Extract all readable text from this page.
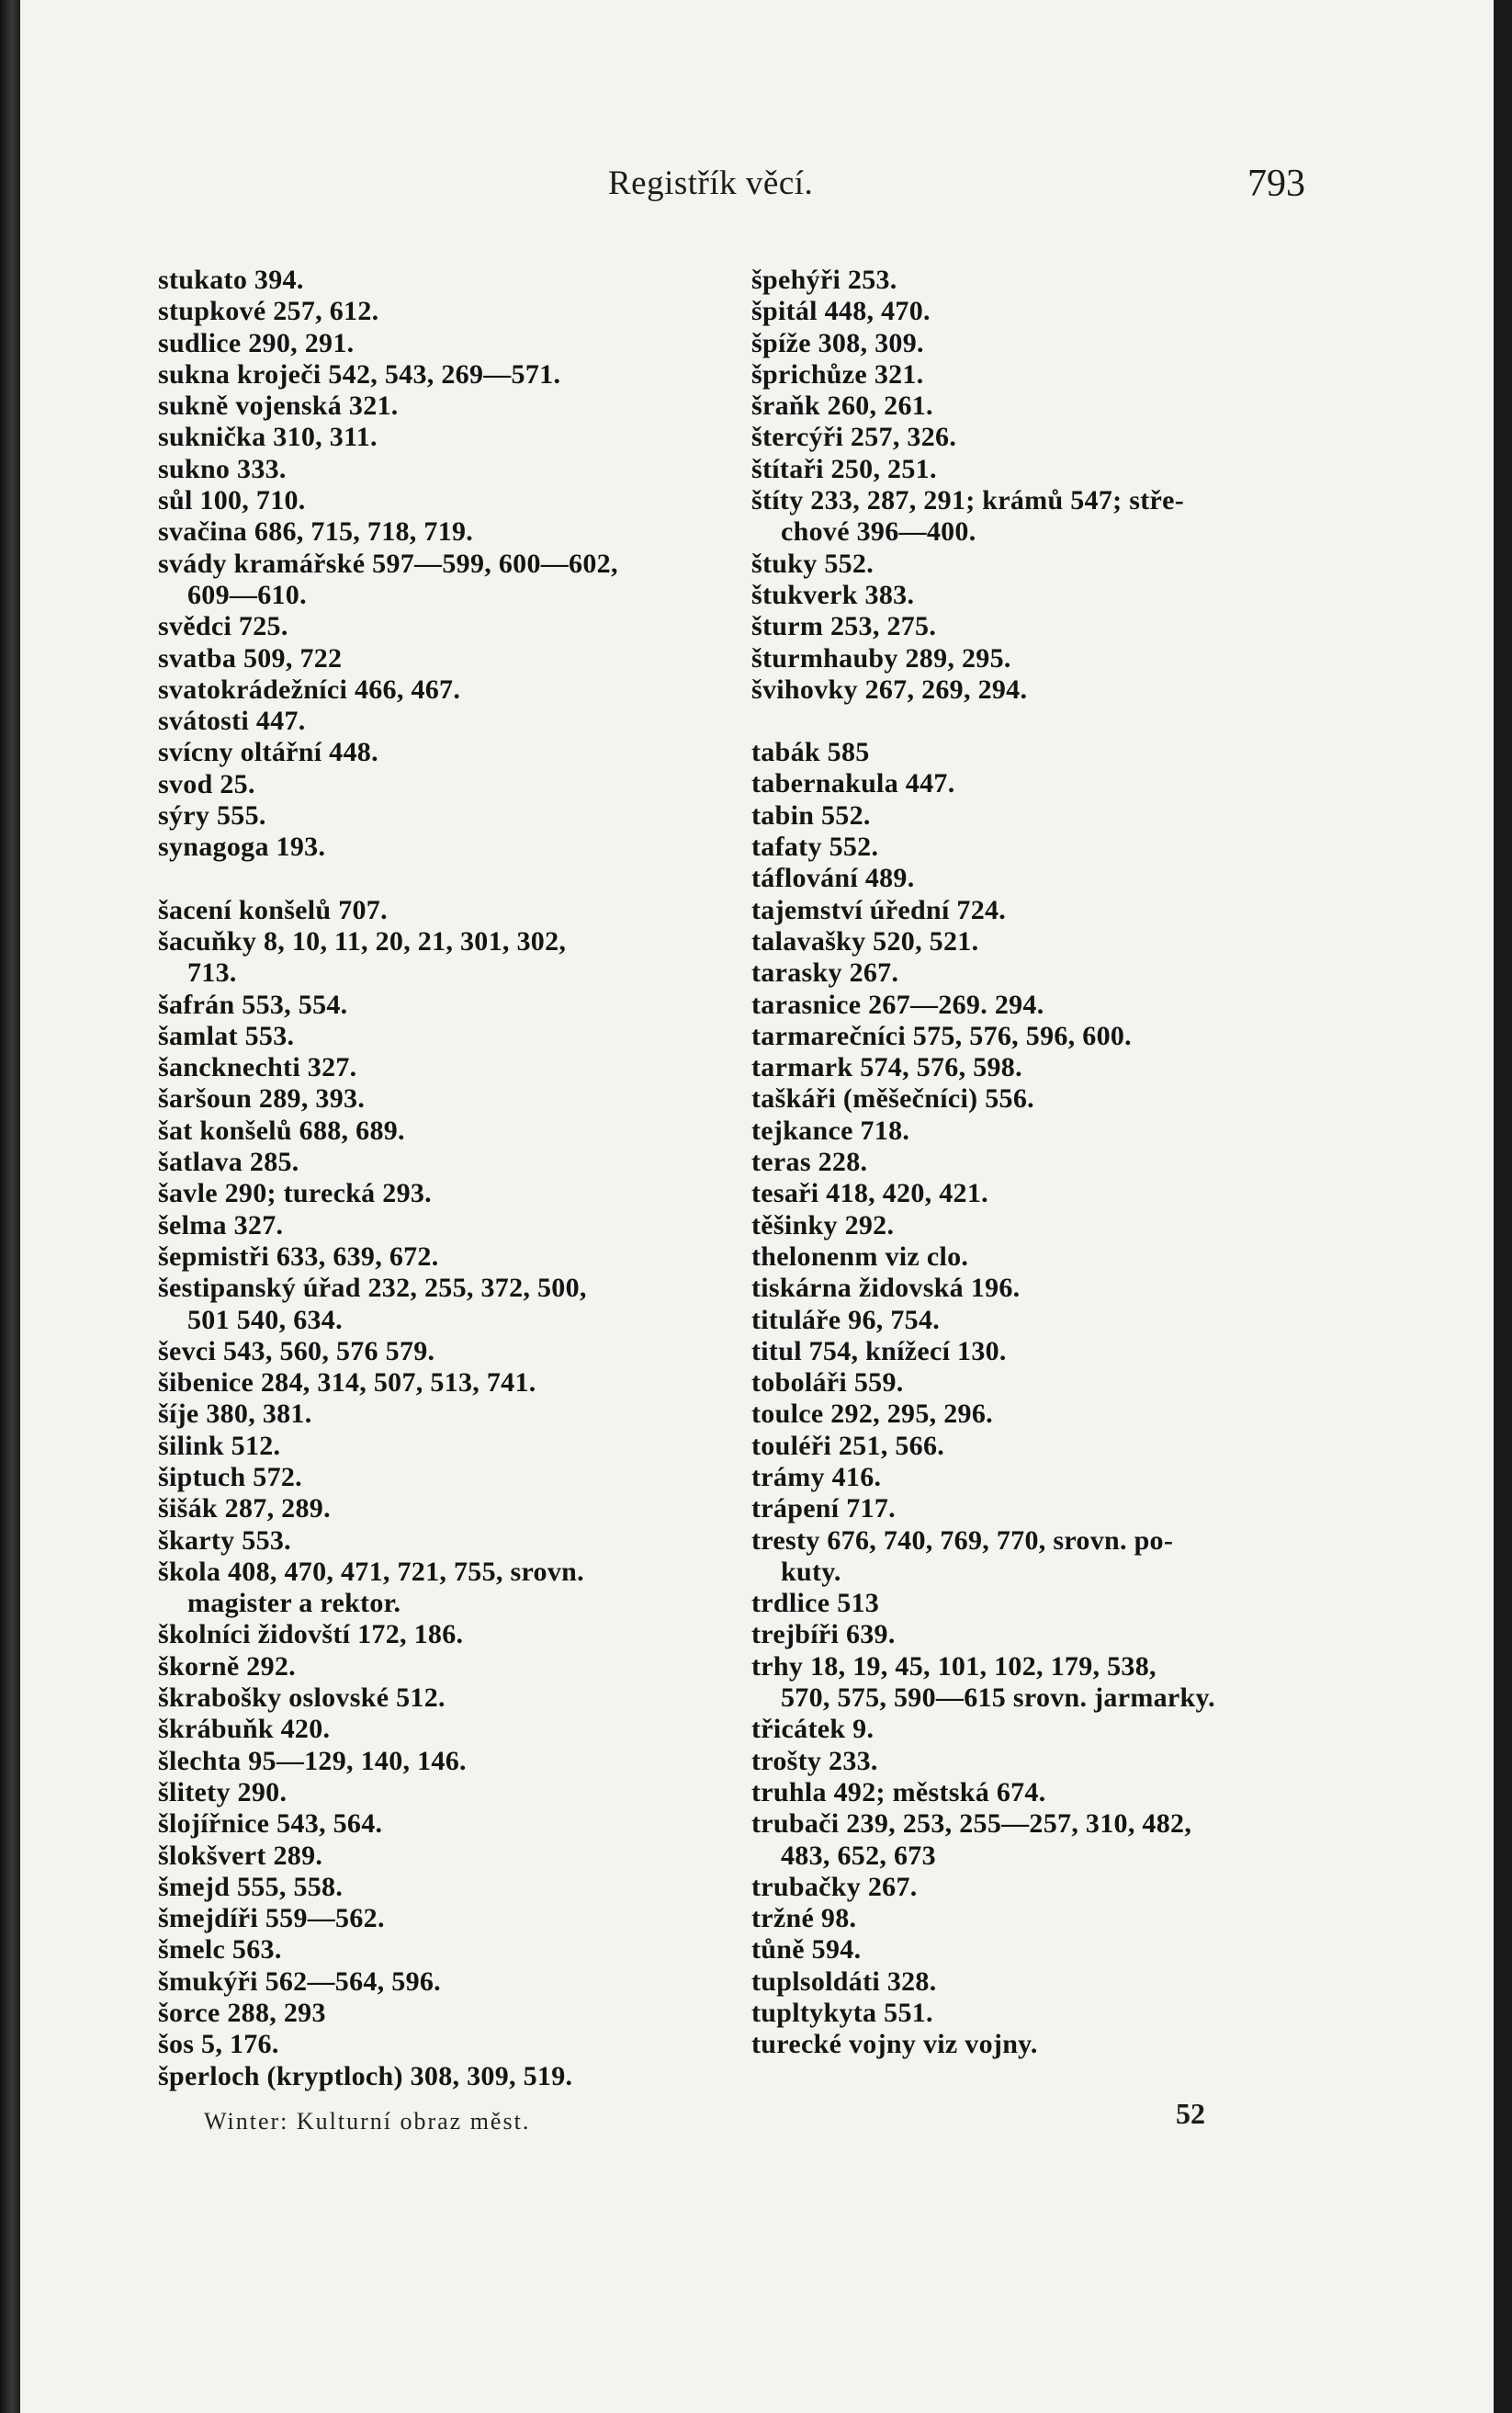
Registřík věcí.	793
stukato 394.
stupkové 257, 612.
sudlice 290, 291.
sukna kroječi 542, 543, 269—571.
sukně vojenská 321.
suknička 310, 311.
sukno 333.
sůl 100, 710.
svačina 686, 715, 718, 719.
svády kramářské 597—599, 600—602,
609—610.
svědci 725.
svatba 509, 722
svatokrádežníci 466, 467.
svátosti 447.
svícny oltářní 448.
svod 25.
sýry 555.
synagoga 193.
šacení konšelů 707.
šacuňky 8, 10, 11, 20, 21, 301, 302,
713.
šafrán 553, 554.
šamlat 553.
šancknechti 327.
šaršoun 289, 393.
šat konšelů 688, 689.
šatlava 285.
šavle 290; turecká 293.
šelma 327.
šepmistři 633, 639, 672.
šestipanský úřad 232, 255, 372, 500,
501 540, 634.
ševci 543, 560, 576 579.
šibenice 284, 314, 507, 513, 741.
šíje 380, 381.
šilink 512.
šiptuch 572.
šišák 287, 289.
škarty 553.
škola 408, 470, 471, 721, 755, srovn.
magister a rektor.
školníci židovští 172, 186.
škorně 292.
škrabošky oslovské 512.
škrábuňk 420.
šlechta 95—129, 140, 146.
šlitety 290.
šlojířnice 543, 564.
šlokšvert 289.
šmejd 555, 558.
šmejdíři 559—562.
šmelc 563.
šmukýři 562—564, 596.
šorce 288, 293
šos 5, 176.
šperloch (kryptloch) 308, 309, 519.
špehýři 253.
špitál 448, 470.
špíže 308, 309.
šprichůze 321.
šraňk 260, 261.
štercýři 257, 326.
štítaři 250, 251.
štíty 233, 287, 291; krámů 547; stře-
chové 396—400.
štuky 552.
štukverk 383.
šturm 253, 275.
šturmhauby 289, 295.
švihovky 267, 269, 294.
tabák 585
tabernakula 447.
tabin 552.
tafaty 552.
táflování 489.
tajemství úřední 724.
talavašky 520, 521.
tarasky 267.
tarasnice 267—269. 294.
tarmarečníci 575, 576, 596, 600.
tarmark 574, 576, 598.
taškáři (měšečníci) 556.
tejkance 718.
teras 228.
tesaři 418, 420, 421.
těšinky 292.
thelonenm viz clo.
tiskárna židovská 196.
tituláře 96, 754.
titul 754, knížecí 130.
toboláři 559.
toulce 292, 295, 296.
touléři 251, 566.
trámy 416.
trápení 717.
tresty 676, 740, 769, 770, srovn. po-
kuty.
trdlice 513
trejbíři 639.
trhy 18, 19, 45, 101, 102, 179, 538,
570, 575, 590—615 srovn. jarmarky.
třicátek 9.
trošty 233.
truhla 492; městská 674.
trubači 239, 253, 255—257, 310, 482,
483, 652, 673
trubačky 267.
tržné 98.
tůně 594.
tuplsoldáti 328.
tupltykyta 551.
turecké vojny viz vojny.
Winter: Kulturní obraz měst.	52
